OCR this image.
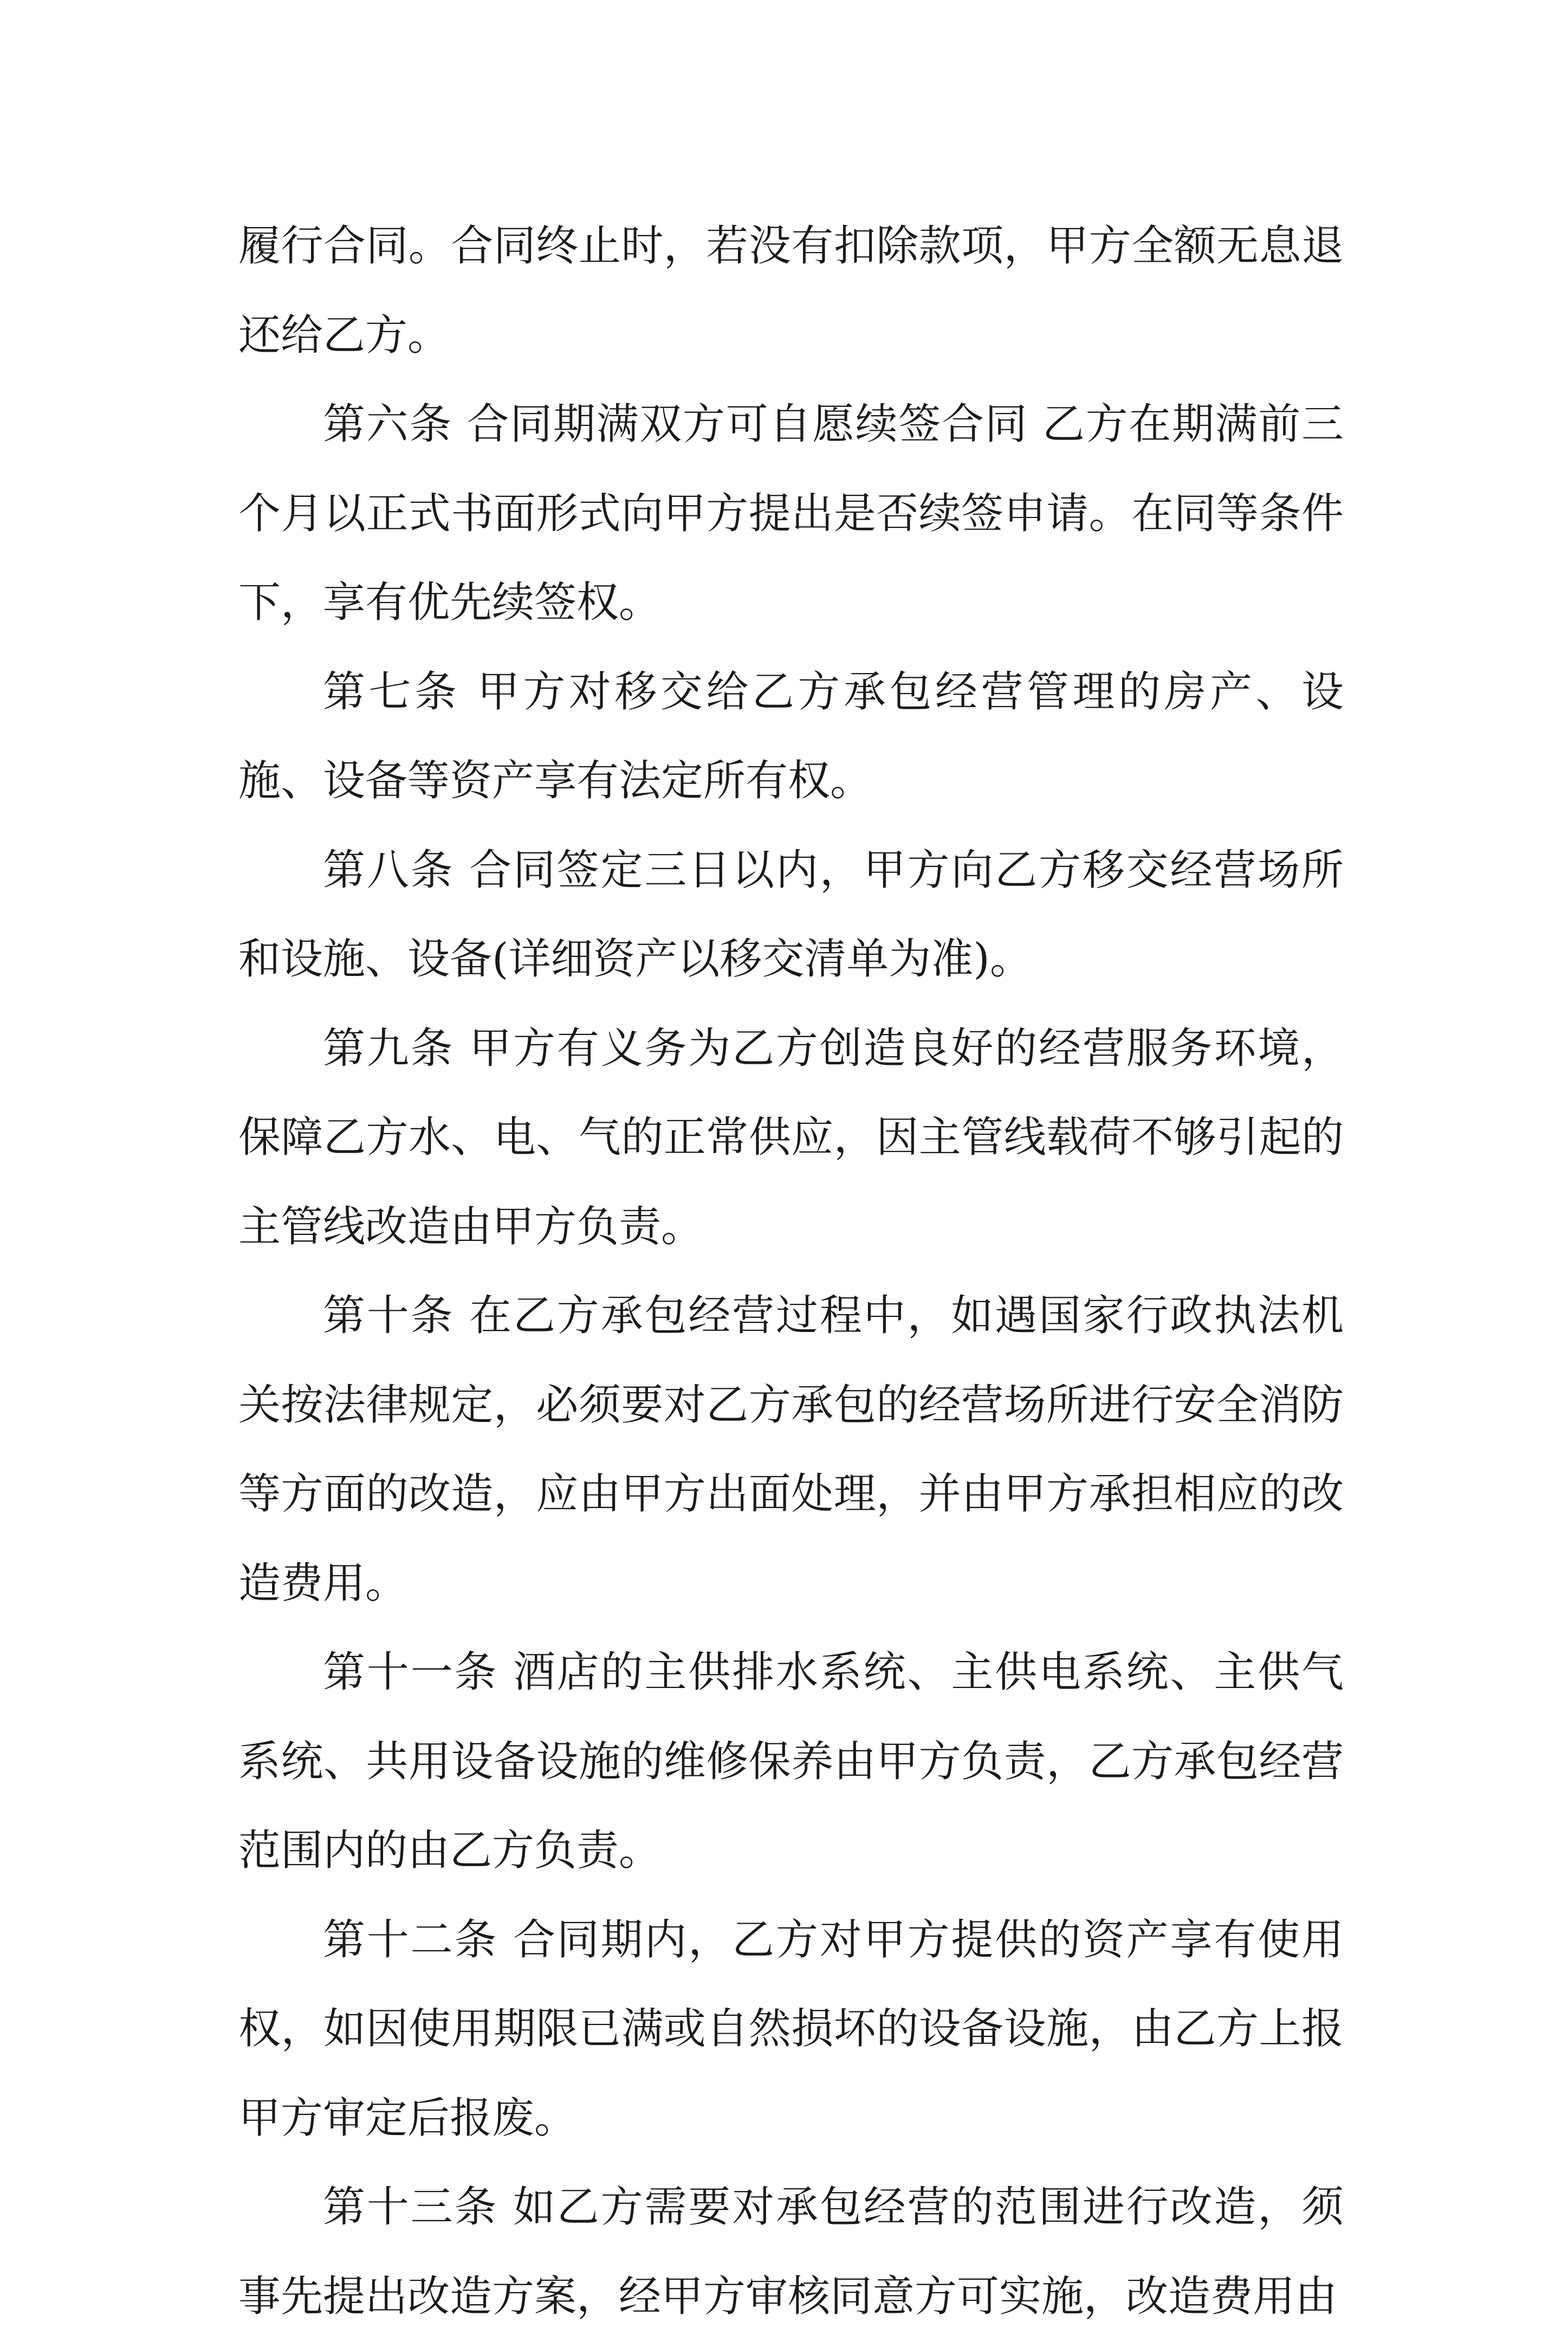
履行合同。合同终止时，若没有扣除款项，甲方全额无息退还给乙方。

第六条 合同期满双方可自愿续签合同 乙方在期满前三个月以正式书面形式向甲方提出是否续签申请。在同等条件下，享有优先续签权。

第七条 甲方对移交给乙方承包经营管理的房产、设施、设备等资产享有法定所有权。

第八条 合同签定三日以内，甲方向乙方移交经营场所和设施、设备(详细资产以移交清单为准)。

第九条 甲方有义务为乙方创造良好的经营服务环境，保障乙方水、电、气的正常供应，因主管线载荷不够引起的主管线改造由甲方负责。

第十条 在乙方承包经营过程中，如遇国家行政执法机关按法律规定，必须要对乙方承包的经营场所进行安全消防等方面的改造，应由甲方出面处理，并由甲方承担相应的改造费用。

第十一条 酒店的主供排水系统、主供电系统、主供气系统、共用设备设施的维修保养由甲方负责，乙方承包经营范围内的由乙方负责。

第十二条 合同期内，乙方对甲方提供的资产享有使用权，如因使用期限已满或自然损坏的设备设施，由乙方上报甲方审定后报废。

第十三条 如乙方需要对承包经营的范围进行改造，须事先提出改造方案，经甲方审核同意方可实施，改造费用由
